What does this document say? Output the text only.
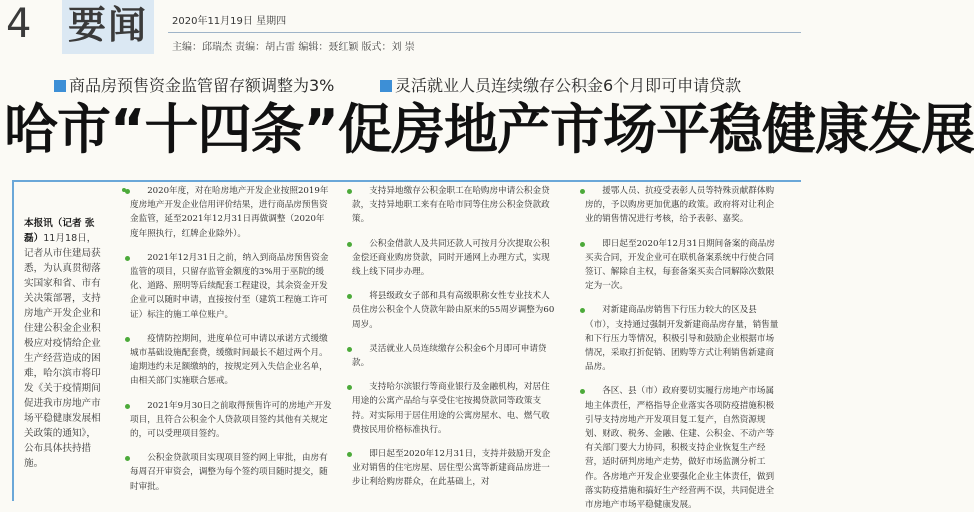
4 要闻 2020年11月19日 星期四
主编：邱瑞杰 责编：胡占雷 编辑：聂红颖 版式：刘 崇
商品房预售资金监管留存额调整为3%	灵活就业人员连续缴存公积金6个月即可申请贷款
哈市“十四条”促房地产市场平稳健康发展
本报讯（记者 张磊）11月18日，记者从市住建局获悉，为认真贯彻落实国家和省、市有关决策部署，支持房地产开发企业和住建公积金企业积极应对疫情给企业生产经营造成的困难，哈尔滨市将印发《关于疫情期间促进我市房地产市场平稳健康发展相关政策的通知》，公布具体扶持措施。

2020年度，对在哈房地产开发企业按照2019年度房地产开发企业信用评价结果，进行商品房预售资金监管，延至2021年12月31日再做调整（2020年度年照执行，红牌企业除外）。

2021年12月31日之前，纳入到商品房预售资金监管的项目，只留存监管金额度的3%用于巫院的缓化、道路、照明等后续配套工程建设，其余资金开发企业可以随时申请，直接按付至（建筑工程施工许可证）标注的施工单位账户。

疫情防控期间，进度单位可申请以承诺方式缓缴城市基础设施配套费，缓缴时间最长不超过两个月。逾期违约未足额缴纳的，按规定列入失信企业名单，由相关部门实施联合惩戒。

2021年9月30日之前取得预售许可的房地产开发项目，且符合公积金个人贷款项目签约其他有关规定的，可以受理项目签约。

公积金贷款项目实现项目签约网上审批，由房有每周召开审资会，调整为每个签约项目随时提交，随时审批。

支持异地缴存公积金职工在哈购房申请公积金贷款，支持异地职工来有在哈市同等住房公积金贷款政策。

公积金借款人及共同还款人可按月分次提取公积金偿还商业购房贷款，同时开通网上办理方式，实现线上线下同步办理。

将县级政女子部和具有高级职称女性专业技术人员住房公积金个人贷款年龄由原来的55周岁调整为60周岁。

灵活就业人员连续缴存公积金6个月即可申请贷款。

支持哈尔滨银行等商业银行及金融机构，对居住用途的公寓产品给与享受住宅按揭贷款同等政策支持。对实际用于居住用途的公寓房屋水、电、燃气收费按民用价格标准执行。

即日起至2020年12月31日，支持并鼓励开发企业对销售的住宅房屋、居住型公寓等新建商品房进一步让利给购房群众，在此基础上，对

援鄂人员、抗疫受表彰人员等特殊贡献群体购房的，予以购房更加优惠的政策。政府将对让利企业的销售情况进行考核，给予表彰、嘉奖。

即日起至2020年12月31日期间备案的商品房买卖合同，开发企业可在联机备案系统中行使合同签订、解除自主权，每套备案买卖合同解除次数限定为一次。

对新建商品房销售下行压力较大的区及县（市），支持通过强制开发新建商品房存量，销售量和下行压力等情况，积极引导和鼓励企业根据市场情况，采取打折促销、团购等方式让利销售新建商品房。

各区、县（市）政府要切实履行房地产市场属地主体责任，严格指导企业落实各项防疫措施积极引导支持房地产开发项目复工复产，自然资源规划、财政、税务、金融、住建、公积金、不动产等有关部门要大力协同，积极支持企业恢复生产经营，适时研判房地产走势，做好市场监测分析工作。各房地产开发企业要强化企业主体责任，做到落实防疫措施和搞好生产经营两不误，共同促进全市房地产市场平稳健康发展。
